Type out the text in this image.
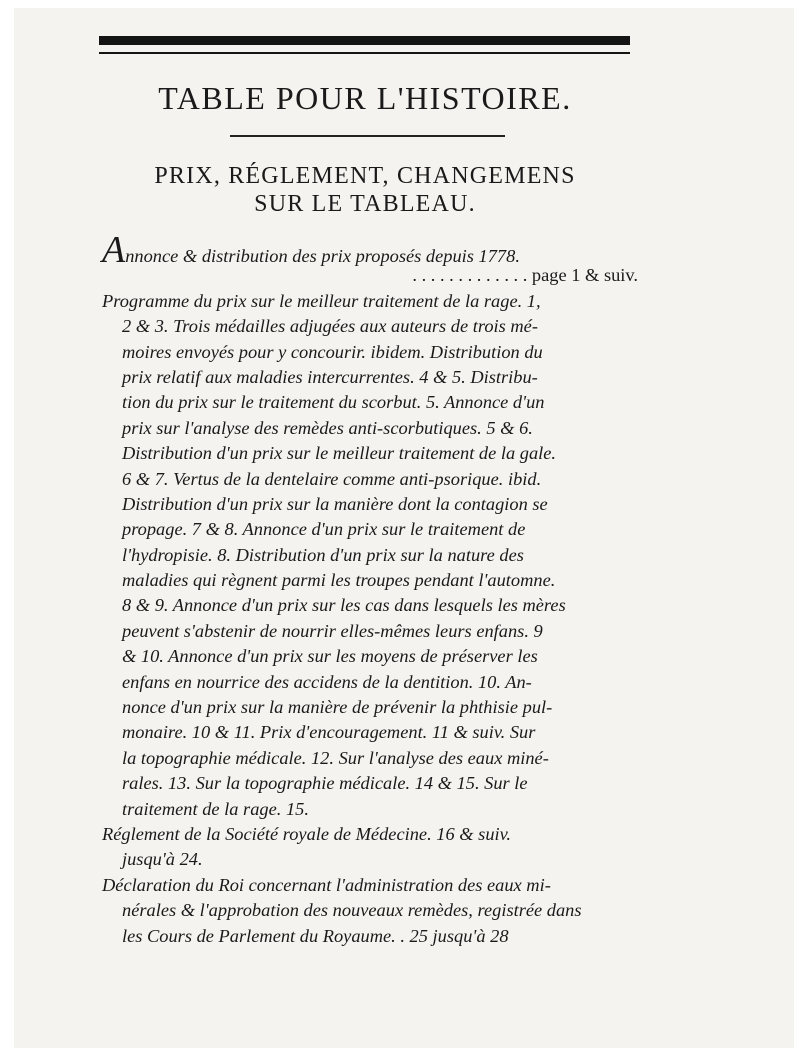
TABLE POUR L'HISTOIRE.
PRIX, RÉGLEMENT, CHANGEMENS
SUR LE TABLEAU.
Annonce & distribution des prix proposés depuis 1778.
. . . . . . . . . . . . . page 1 & suiv.
Programme du prix sur le meilleur traitement de la rage. 1,
2 & 3. Trois médailles adjugées aux auteurs de trois mé-
moires envoyés pour y concourir. ibidem. Distribution du
prix relatif aux maladies intercurrentes. 4 & 5. Distribu-
tion du prix sur le traitement du scorbut. 5. Annonce d'un
prix sur l'analyse des remèdes anti-scorbutiques. 5 & 6.
Distribution d'un prix sur le meilleur traitement de la gale.
6 & 7. Vertus de la dentelaire comme anti-psorique. ibid.
Distribution d'un prix sur la manière dont la contagion se
propage. 7 & 8. Annonce d'un prix sur le traitement de
l'hydropisie. 8. Distribution d'un prix sur la nature des
maladies qui règnent parmi les troupes pendant l'automne.
8 & 9. Annonce d'un prix sur les cas dans lesquels les mères
peuvent s'abstenir de nourrir elles-mêmes leurs enfans. 9
& 10. Annonce d'un prix sur les moyens de préserver les
enfans en nourrice des accidens de la dentition. 10. An-
nonce d'un prix sur la manière de prévenir la phthisie pul-
monaire. 10 & 11. Prix d'encouragement. 11 & suiv. Sur
la topographie médicale. 12. Sur l'analyse des eaux miné-
rales. 13. Sur la topographie médicale. 14 & 15. Sur le
traitement de la rage. 15.
Réglement de la Société royale de Médecine. 16 & suiv.
jusqu'à 24.
Déclaration du Roi concernant l'administration des eaux mi-
nérales & l'approbation des nouveaux remèdes, registrée dans
les Cours de Parlement du Royaume. . 25 jusqu'à 28
